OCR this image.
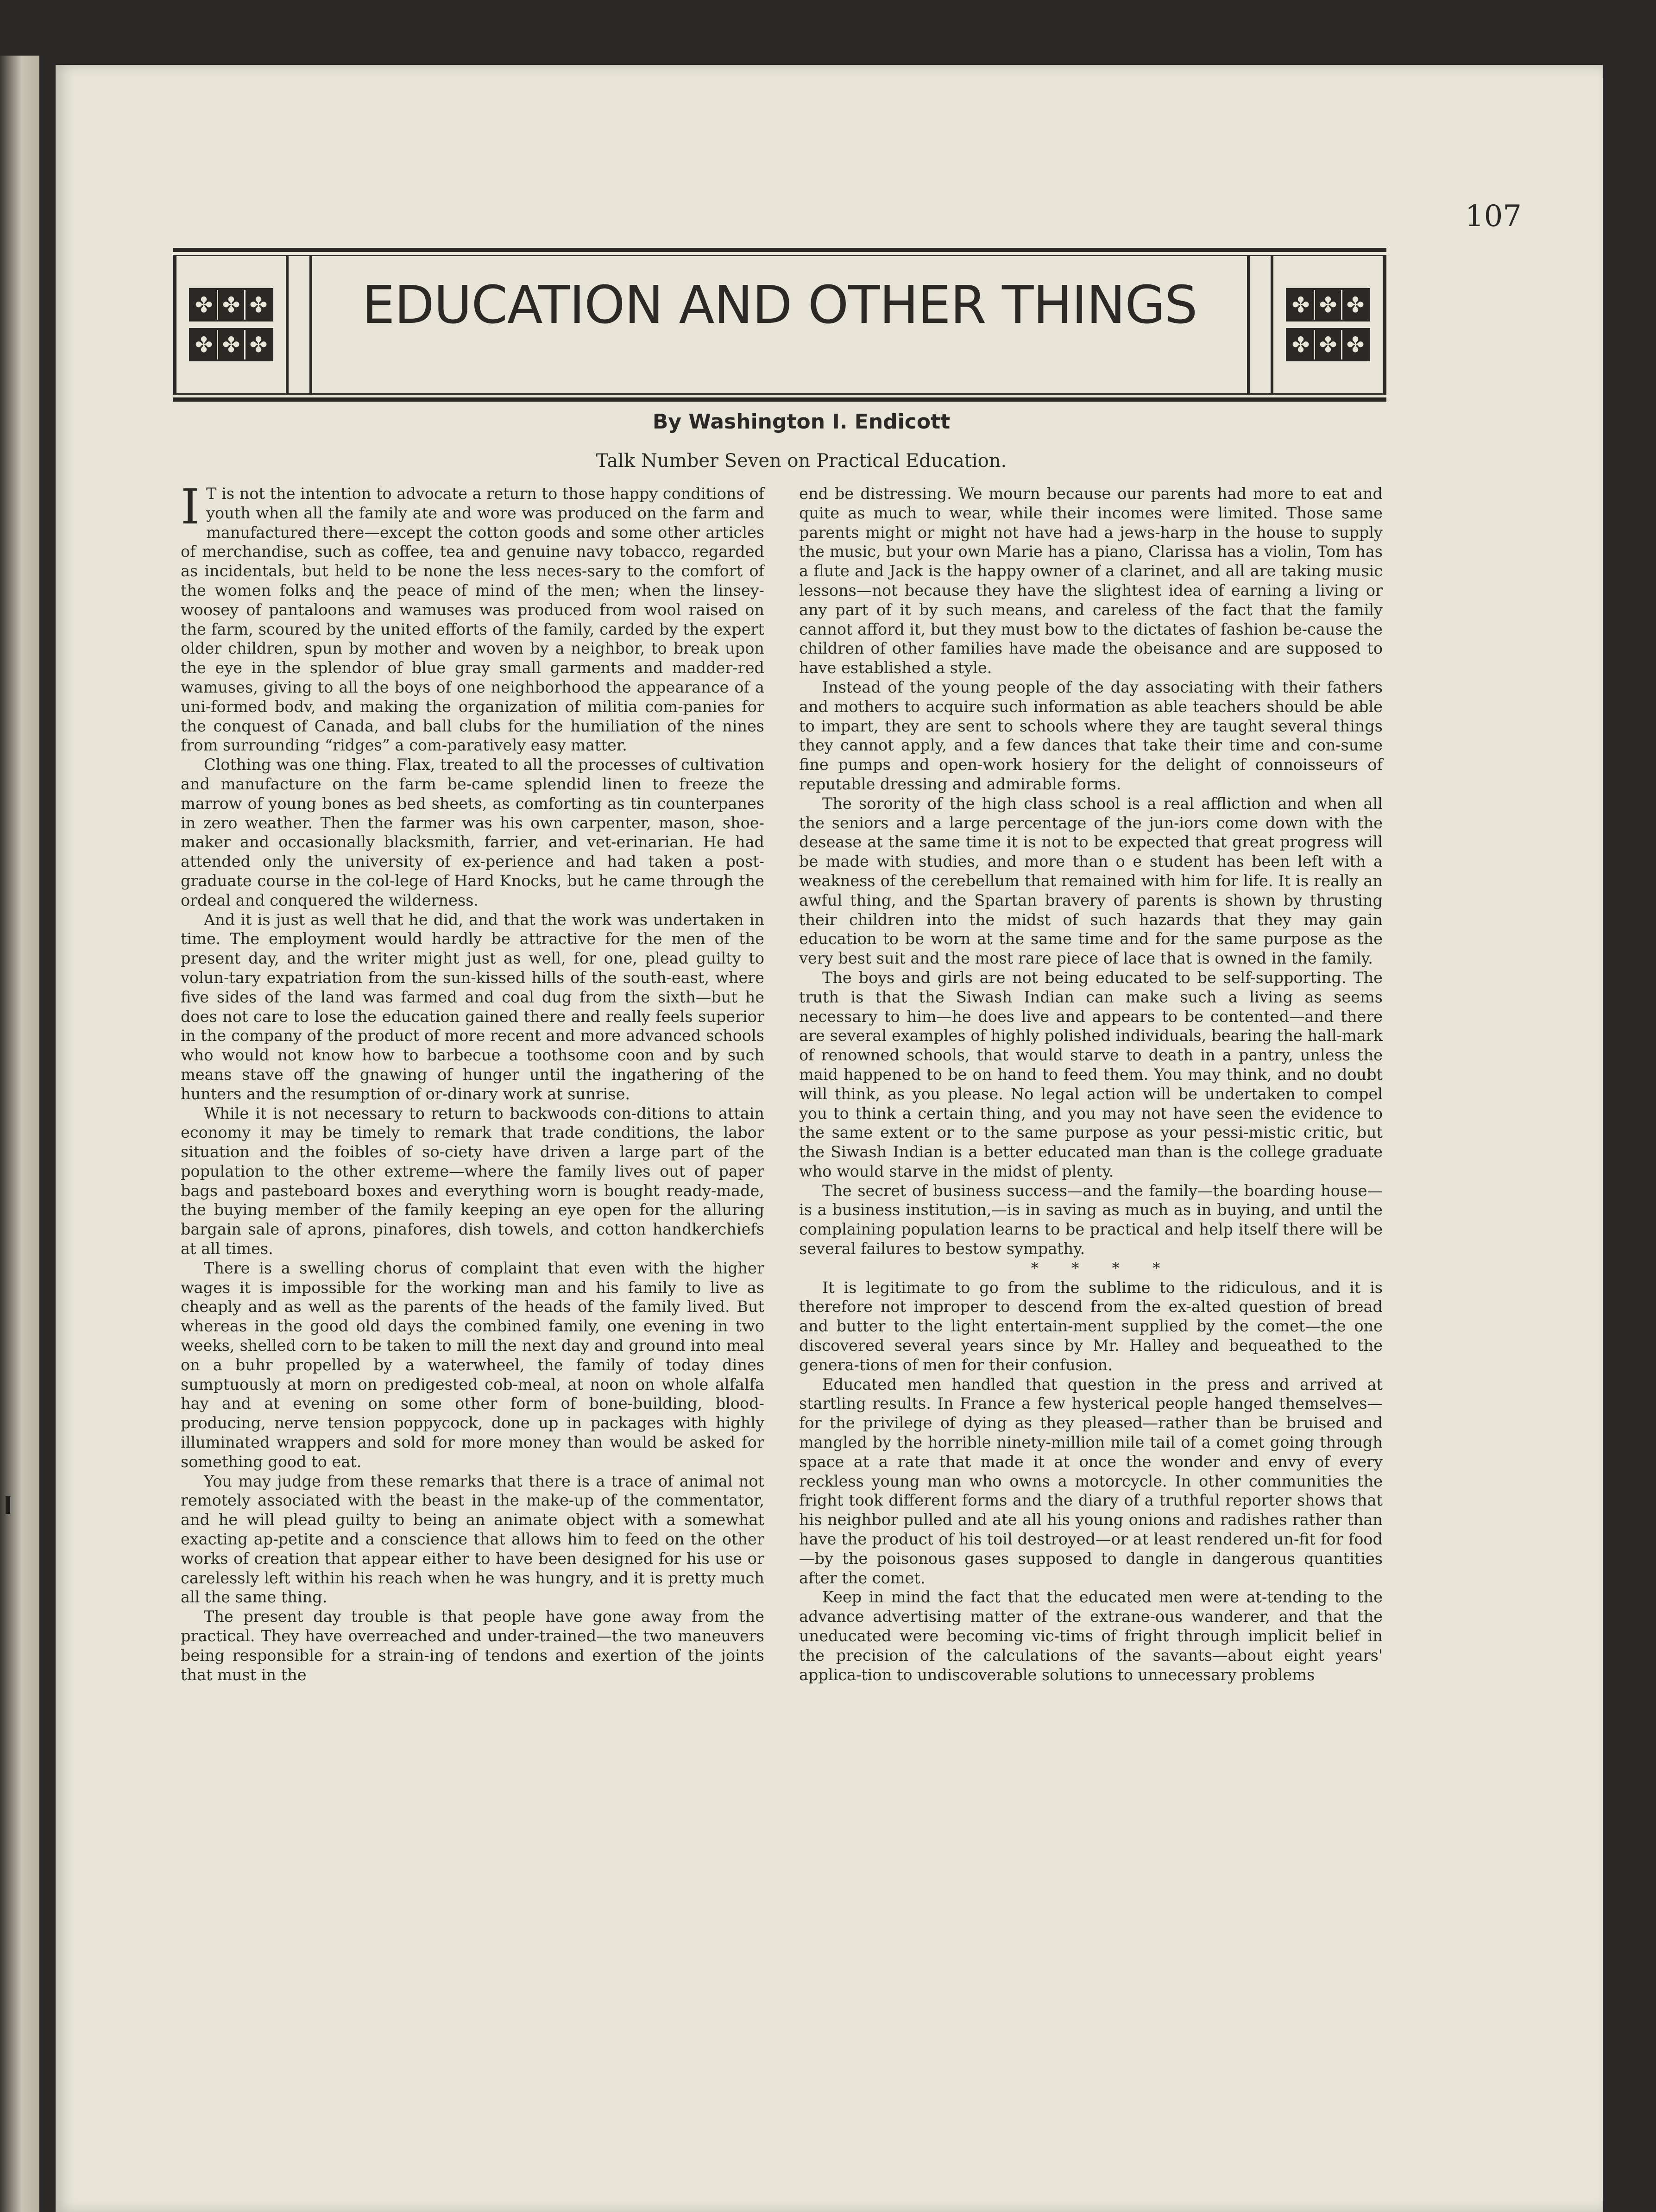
107
✤ ✤ ✤
✤ ✤ ✤
EDUCATION AND OTHER THINGS	✤ ✤ ✤
✤ ✤ ✤
By Washington I. Endicott
Talk Number Seven on Practical Education.

I T is not the intention to advocate a return to those happy conditions of youth when all the family ate and wore was produced on the farm and manufactured there—except the cotton goods and some other articles of merchandise, such as coffee, tea and genuine navy tobacco, regarded as incidentals, but held to be none the less neces-sary to the comfort of the women folks anḑ the peace of mind of the men; when the linsey-woosey of pantaloons and wamuses was produced from wool raised on the farm, scoured by the united efforts of the family, carded by the expert older children, spun by mother and woven by a neighbor, to break upon the eye in the splendor of blue gray small garments and madder-red wamuses, giving to all the boys of one neighborhood the appearance of a uni-formed bodv, and making the organization of militia com-panies for the conquest of Canada, and ball clubs for the humiliation of the nines from surrounding “ridges” a com-paratively easy matter.

Clothing was one thing. Flax, treated to all the processes of cultivation and manufacture on the farm be-came splendid linen to freeze the marrow of young bones as bed sheets, as comforting as tin counterpanes in zero weather. Then the farmer was his own carpenter, mason, shoe-maker and occasionally blacksmith, farrier, and vet-erinarian. He had attended only the university of ex-perience and had taken a post-graduate course in the col-lege of Hard Knocks, but he came through the ordeal and conquered the wilderness.

And it is just as well that he did, and that the work was undertaken in time. The employment would hardly be attractive for the men of the present day, and the writer might just as well, for one, plead guilty to volun-tary expatriation from the sun-kissed hills of the south-east, where five sides of the land was farmed and coal dug from the sixth—but he does not care to lose the education gained there and really feels superior in the company of the product of more recent and more advanced schools who would not know how to barbecue a toothsome coon and by such means stave off the gnawing of hunger until the ingathering of the hunters and the resumption of or-dinary work at sunrise.

While it is not necessary to return to backwoods con-ditions to attain economy it may be timely to remark that trade conditions, the labor situation and the foibles of so-ciety have driven a large part of the population to the other extreme—where the family lives out of paper bags and pasteboard boxes and everything worn is bought ready-made, the buying member of the family keeping an eye open for the alluring bargain sale of aprons, pinafores, dish towels, and cotton handkerchiefs at all times.

There is a swelling chorus of complaint that even with the higher wages it is impossible for the working man and his family to live as cheaply and as well as the parents of the heads of the family lived. But whereas in the good old days the combined family, one evening in two weeks, shelled corn to be taken to mill the next day and ground into meal on a buhr propelled by a waterwheel, the family of today dines sumptuously at morn on predigested cob-meal, at noon on whole alfalfa hay and at evening on some other form of bone-building, blood-producing, nerve tension poppycock, done up in packages with highly illuminated wrappers and sold for more money than would be asked for something good to eat.

You may judge from these remarks that there is a trace of animal not remotely associated with the beast in the make-up of the commentator, and he will plead guilty to being an animate object with a somewhat exacting ap-petite and a conscience that allows him to feed on the other works of creation that appear either to have been designed for his use or carelessly left within his reach when he was hungry, and it is pretty much all the same thing.

The present day trouble is that people have gone away from the practical. They have overreached and under-trained—the two maneuvers being responsible for a strain-ing of tendons and exertion of the joints that must in the

end be distressing. We mourn because our parents had more to eat and quite as much to wear, while their incomes were limited. Those same parents might or might not have had a jews-harp in the house to supply the music, but your own Marie has a piano, Clarissa has a violin, Tom has a flute and Jack is the happy owner of a clarinet, and all are taking music lessons—not because they have the slightest idea of earning a living or any part of it by such means, and careless of the fact that the family cannot afford it, but they must bow to the dictates of fashion be-cause the children of other families have made the obeisance and are supposed to have established a style.

Instead of the young people of the day associating with their fathers and mothers to acquire such information as able teachers should be able to impart, they are sent to schools where they are taught several things they cannot apply, and a few dances that take their time and con-sume fine pumps and open-work hosiery for the delight of connoisseurs of reputable dressing and admirable forms.

The sorority of the high class school is a real affliction and when all the seniors and a large percentage of the jun-iors come down with the desease at the same time it is not to be expected that great progress will be made with studies, and more than o e student has been left with a weakness of the cerebellum that remained with him for life. It is really an awful thing, and the Spartan bravery of parents is shown by thrusting their children into the midst of such hazards that they may gain education to be worn at the same time and for the same purpose as the very best suit and the most rare piece of lace that is owned in the family.

The boys and girls are not being educated to be self-supporting. The truth is that the Siwash Indian can make such a living as seems necessary to him—he does live and appears to be contented—and there are several examples of highly polished individuals, bearing the hall-mark of renowned schools, that would starve to death in a pantry, unless the maid happened to be on hand to feed them. You may think, and no doubt will think, as you please. No legal action will be undertaken to compel you to think a certain thing, and you may not have seen the evidence to the same extent or to the same purpose as your pessi-mistic critic, but the Siwash Indian is a better educated man than is the college graduate who would starve in the midst of plenty.

The secret of business success—and the family—the boarding house—is a business institution,—is in saving as much as in buying, and until the complaining population learns to be practical and help itself there will be several failures to bestow sympathy.

* * * *

It is legitimate to go from the sublime to the ridiculous, and it is therefore not improper to descend from the ex-alted question of bread and butter to the light entertain-ment supplied by the comet—the one discovered several years since by Mr. Halley and bequeathed to the genera-tions of men for their confusion.

Educated men handled that question in the press and arrived at startling results. In France a few hysterical people hanged themselves—for the privilege of dying as they pleased—rather than be bruised and mangled by the horrible ninety-million mile tail of a comet going through space at a rate that made it at once the wonder and envy of every reckless young man who owns a motorcycle. In other communities the fright took different forms and the diary of a truthful reporter shows that his neighbor pulled and ate all his young onions and radishes rather than have the product of his toil destroyed—or at least rendered un-fit for food—by the poisonous gases supposed to dangle in dangerous quantities after the comet.

Keep in mind the fact that the educated men were at-tending to the advance advertising matter of the extrane-ous wanderer, and that the uneducated were becoming vic-tims of fright through implicit belief in the precision of the calculations of the savants—about eight years' applica-tion to undiscoverable solutions to unnecessary problems
